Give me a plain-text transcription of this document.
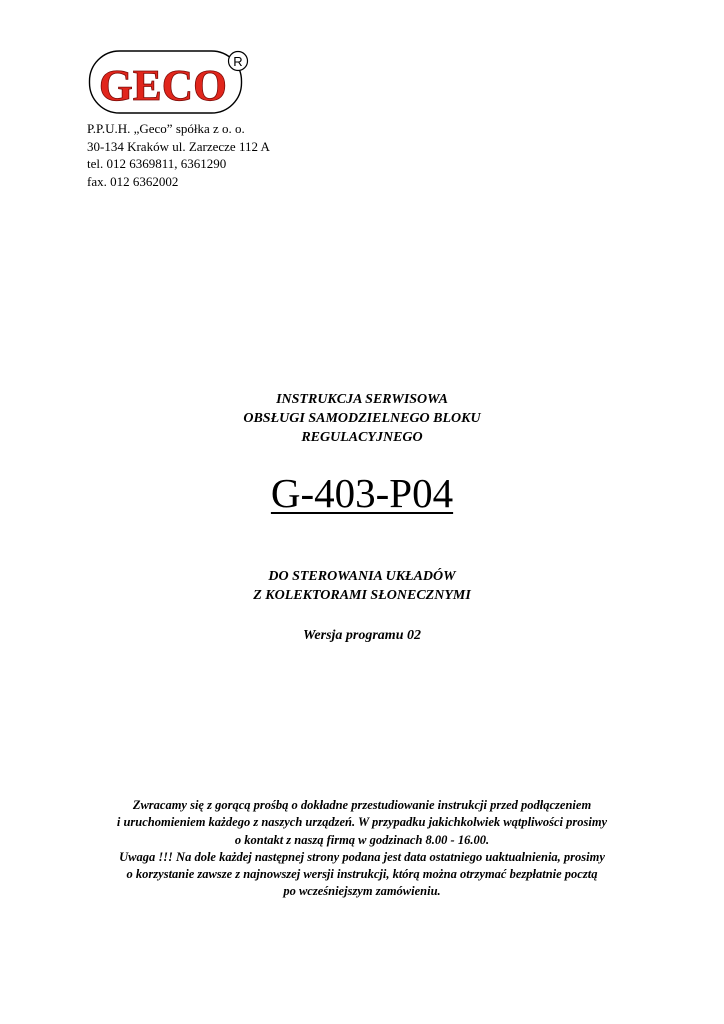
GECO R
P.P.U.H. „Geco” spółka z o. o.
30-134 Kraków ul. Zarzecze 112 A
tel. 012 6369811, 6361290
fax. 012 6362002
INSTRUKCJA SERWISOWA
OBSŁUGI SAMODZIELNEGO BLOKU
REGULACYJNEGO
G-403-P04
DO STEROWANIA UKŁADÓW
Z KOLEKTORAMI SŁONECZNYMI
Wersja programu 02
Zwracamy się z gorącą prośbą o dokładne przestudiowanie instrukcji przed podłączeniem
i uruchomieniem każdego z naszych urządzeń. W przypadku jakichkolwiek wątpliwości prosimy
o kontakt z naszą firmą w godzinach 8.00 - 16.00.
Uwaga !!! Na dole każdej następnej strony podana jest data ostatniego uaktualnienia, prosimy
o korzystanie zawsze z najnowszej wersji instrukcji, którą można otrzymać bezpłatnie pocztą
po wcześniejszym zamówieniu.
